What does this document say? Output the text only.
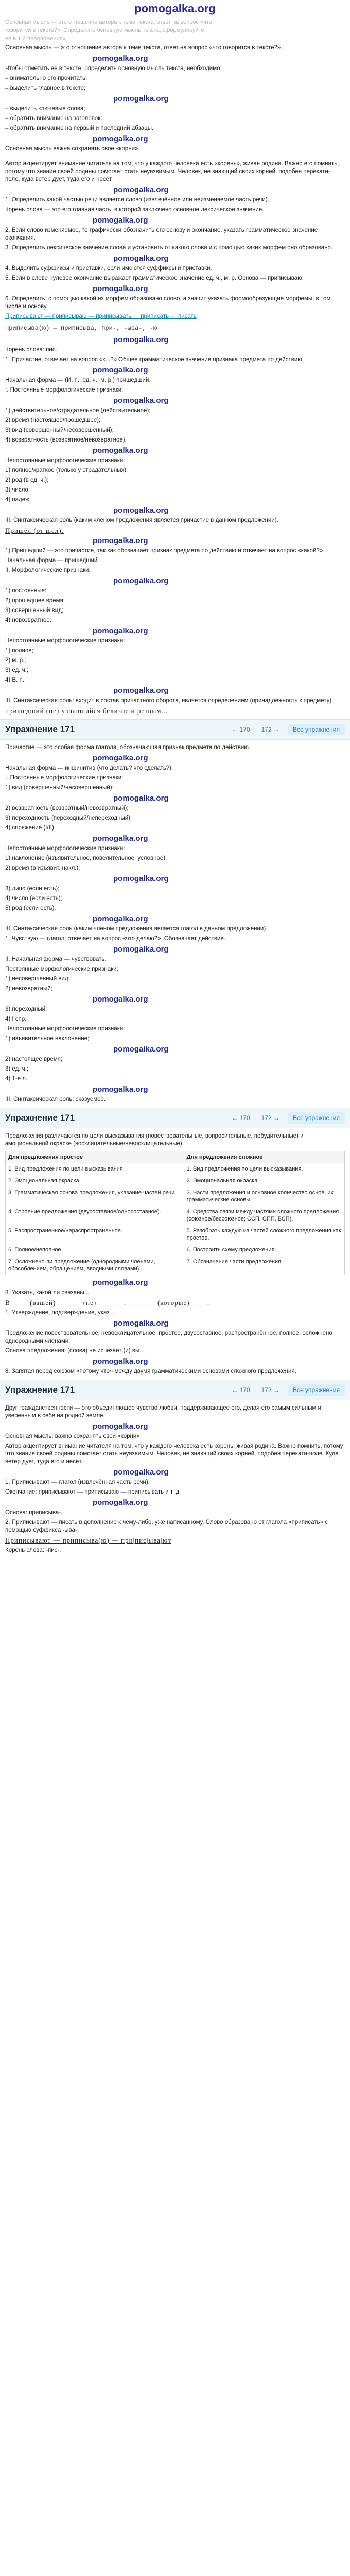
pomogalka.org
Основная мысль — это отношение автора к теме текста, ответ на вопрос «что
говорится в тексте?». Определите основную мысль текста, сформулируйте
её в 1-2 предложениях.
Основная мысль — это отношение автора к теме текста, ответ на вопрос «что говорится в тексте?».
pomogalka.org
Чтобы отметить ее в тексте, определить основную мысль текста, необходимо:
– внимательно его прочитать;
– выделить главное в тексте;
pomogalka.org
– выделить ключевые слова;
– обратить внимание на заголовок;
– обратить внимание на первый и последний абзацы.
pomogalka.org
Основная мысль важна сохранять свое «корни».
Автор акцентирует внимание читателя на том, что у каждого человека есть «корень», живая родина. Важно его помнить, потому что знание своей родины помогает стать неуязвимым. Человек, не знающий своих корней, подобен перекати-поле, куда ветер дует, туда его и несёт.
pomogalka.org
1. Определить какой частью речи является слово (извлечённое или неизменяемое часть речи).
Корень слова — это его главная часть, в которой заключено основное лексическое значение.
pomogalka.org
2. Если слово изменяемое, то графически обозначить его основу и окончание, указать грамматическое значение окончания.
3. Определить лексическое значение слова и установить от какого слова и с помощью каких морфем оно образовано.
pomogalka.org
4. Выделить суффиксы и приставки, если имеются суффиксы и приставки.
5. Если в слове нулевое окончание выражает грамматическое значение ед. ч., м. р. Основа — приписываю.
pomogalka.org
6. Определить, с помощью какой из морфем образовано слово, а значит указать формообразующие морфемы, в том числе и основу.
Приписывают — приписываю — приписывать ← приписать ← писать
Приписыва(ю) — приписыва, при-, -ыва-, -ю
pomogalka.org
Корень слова: пис.
1. Причастие, отвечает на вопрос «к...?» Общее грамматическое значение признака предмета по действию.
pomogalka.org
Начальная форма — (И. п., ед. ч., м. р.) пришедший.
I. Постоянные морфологические признаки:
pomogalka.org
1) действительное/страдательное (действительное);
2) время (настоящее/прошедшее);
3) вид (совершенный/несовершенный);
4) возвратность (возвратное/невозвратное).
pomogalka.org
Непостоянные морфологические признаки:
1) полное/краткое (только у страдательных);
2) род (в ед. ч.);
3) число;
4) падеж.
pomogalka.org
III. Синтаксическая роль (каким членом предложения является причастие в данном предложении).
Пришёл (от шёл).
pomogalka.org
1) Пришедший — это причастие, так как обозначает признак предмета по действию и отвечает на вопрос «какой?».
Начальная форма — пришедший.
II. Морфологические признаки:
pomogalka.org
1) постоянные:
2) прошедшее время;
3) совершенный вид;
4) невозвратное.
pomogalka.org
Непостоянные морфологические признаки:
1) полное;
2) м. р.;
3) ед. ч.;
4) В. п.;
pomogalka.org
III. Синтаксическая роль: входит в состав причастного оборота, является определением (принадлежность к предмету).
пришедший (не) узнавшийся белизне и резвым...
Упражнение 171	← 170	172 →	Все упражнения
Причастие — это особая форма глагола, обозначающая признак предмета по действию.
pomogalka.org
Начальная форма — инфинитив (что делать? что сделать?)
I. Постоянные морфологические признаки:
1) вид (совершенный/несовершенный);
pomogalka.org
2) возвратность (возвратный/невозвратный);
3) переходность (переходный/непереходный);
4) спряжение (I/II).
pomogalka.org
Непостоянные морфологические признаки:
1) наклонение (изъявительное, повелительное, условное);
2) время (в изъявит. накл.);
pomogalka.org
3) лицо (если есть);
4) число (если есть);
5) род (если есть).
pomogalka.org
III. Синтаксическая роль (каким членом предложения является глагол в данном предложении).
1. Чувствую — глагол: отвечает на вопрос «что делаю?». Обозначает действие.
pomogalka.org
II. Начальная форма — чувствовать.
Постоянные морфологические признаки:
1) несовершенный вид;
2) невозвратный;
pomogalka.org
3) переходный;
4) I спр.
Непостоянные морфологические признаки:
1) изъявительное наклонение;
pomogalka.org
2) настоящее время;
3) ед. ч.;
4) 1-е л.
pomogalka.org
III. Синтаксическая роль: сказуемое.
Упражнение 171	← 170	172 →	Все упражнения
Предложения различаются по цели высказывания (повествовательные, вопросительные, побудительные) и эмоциональной окраске (восклицательные/невосклицательные).
Для предложения простое	Для предложения сложное
1. Вид предложения по цели высказывания.	1. Вид предложения по цели высказывания.
2. Эмоциональная окраска.	2. Эмоциональная окраска.
3. Грамматическая основа предложения, указание частей речи.	3. Части предложения и основное количество основ, их грамматические основы.
4. Строение предложения (двусоставное/односоставное).	4. Средства связи между частями сложного предложения (союзное/бессоюзное; ССП, СПП, БСП).
5. Распространенное/нераспространенное.	5. Разобрать каждую из частей сложного предложения как простое.
6. Полное/неполное.	6. Построить схему предложения.
7. Осложнено ли предложение (однородными членами, обособлением, обращением, вводными словами).	7. Обозначение части предложения.
pomogalka.org
8. Указать, какой ли связаны...
В ____ (вашей) ______ (не) ______ , _______ (которые) ____.
1. Утверждение, подтверждение, указ...
pomogalka.org
Предложение повествовательное, невосклицательное, простое, двусоставное, распространённое, полное, осложнено однородными членами.
Основа предложения: (слова) не исчезает (и) вы...
pomogalka.org
8. Запятая перед союзом «потому что» между двумя грамматическими основами сложного предложения.
Упражнение 171	← 170	172 →	Все упражнения
Друг гражданственности — это объединяющее чувство любви, поддерживающее его, делая его самым сильным и уверенным в себе на родной земле.
pomogalka.org
Основная мысль: важно сохранять свои «корни».
Автор акцентирует внимание читателя на том, что у каждого человека есть корень, живая родина. Важно помнить, потому что знание своей родины помогает стать неуязвимым. Человек, не знающий своих корней, подобен перекати-поле. Куда ветер дует, туда его и несёт.
pomogalka.org
1. Приписывают — глагол (извлечённая часть речи).
Окончание: приписывают — приписываю — приписывать и т. д.
pomogalka.org
Основа: приписыва-.
2. Приписывают — писать в дополнение к чему-либо, уже написанному. Слово образовано от глагола «приписать» с помощью суффикса -ыва-.
Приписывают — приписыва(ю) — при|пис|ыва|ют
Корень слова: -пис-.
